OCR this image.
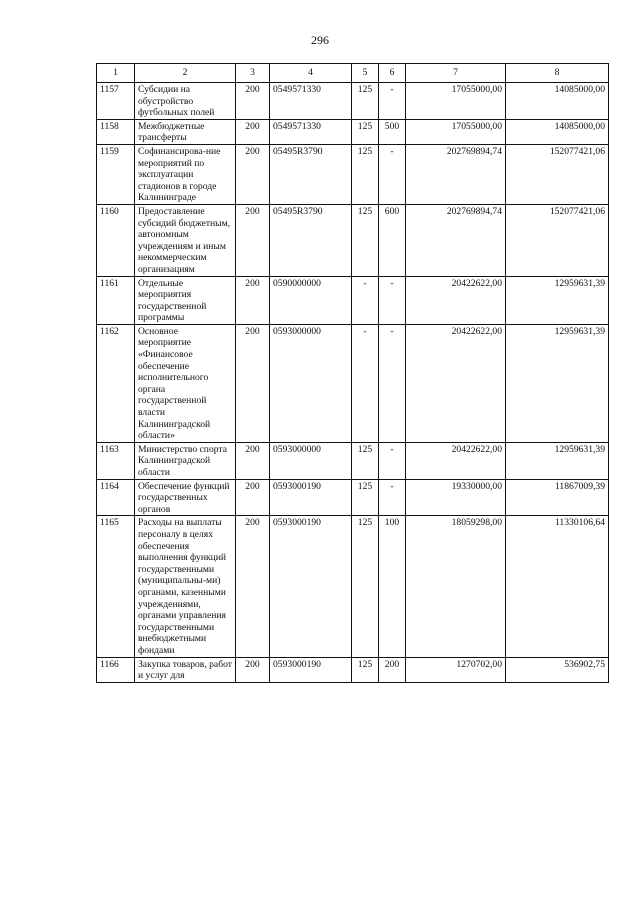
296
1	2	3	4	5	6	7	8
1157	Субсидии на обустройство футбольных полей	200	0549571330	125	-	17055000,00	14085000,00
1158	Межбюджетные трансферты	200	0549571330	125	500	17055000,00	14085000,00
1159	Софинансирова-ние мероприятий по эксплуатации стадионов в городе Калининграде	200	05495R3790	125	-	202769894,74	152077421,06
1160	Предоставление субсидий бюджетным, автономным учреждениям и иным некоммерческим организациям	200	05495R3790	125	600	202769894,74	152077421,06
1161	Отдельные мероприятия государственной программы	200	0590000000	-	-	20422622,00	12959631,39
1162	Основное мероприятие «Финансовое обеспечение исполнительного органа государственной власти Калининградской области»	200	0593000000	-	-	20422622,00	12959631,39
1163	Министерство спорта Калининградской области	200	0593000000	125	-	20422622,00	12959631,39
1164	Обеспечение функций государственных органов	200	0593000190	125	-	19330000,00	11867009,39
1165	Расходы на выплаты персоналу в целях обеспечения выполнения функций государственными (муниципальны-ми) органами, казенными учреждениями, органами управления государственными внебюджетными фондами	200	0593000190	125	100	18059298,00	11330106,64
1166	Закупка товаров, работ и услуг для	200	0593000190	125	200	1270702,00	536902,75
